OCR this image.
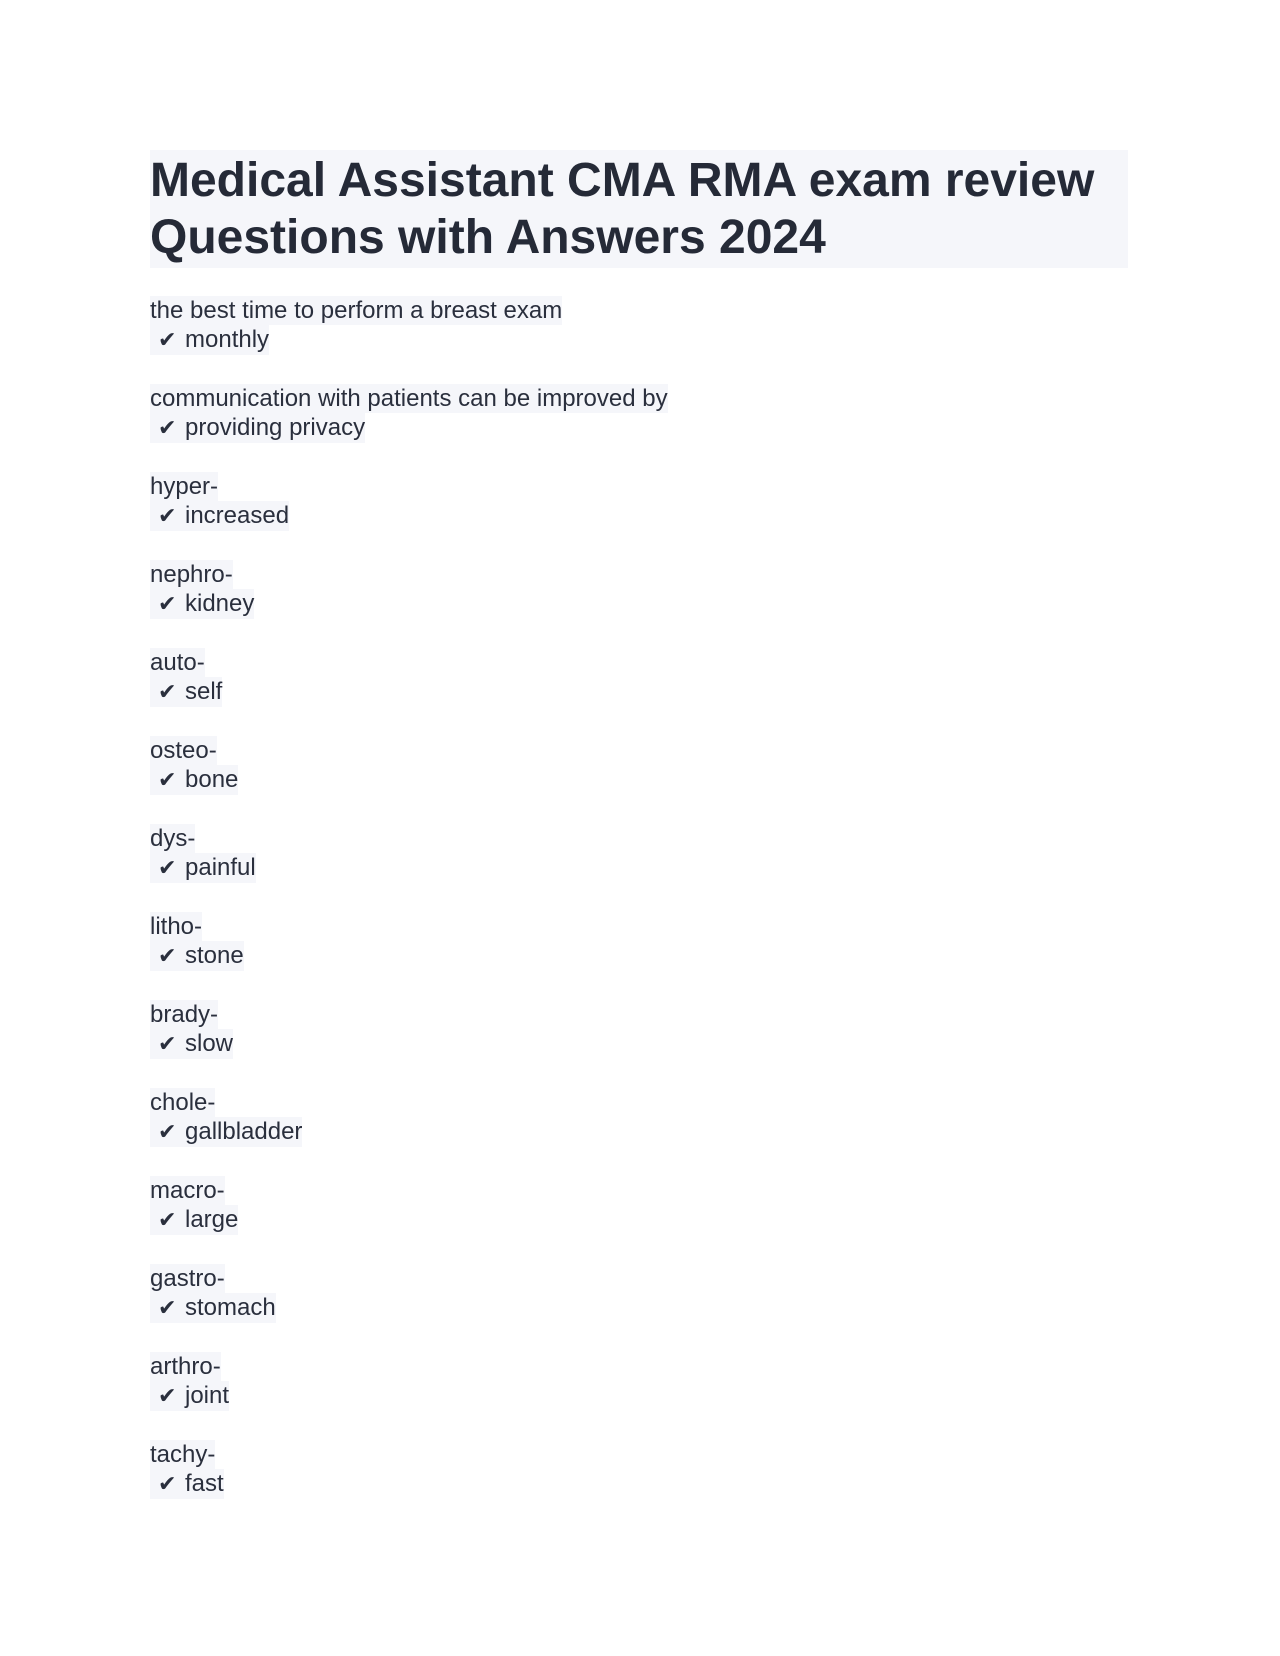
Medical Assistant CMA RMA exam review Questions with Answers 2024
the best time to perform a breast exam
✔ monthly
communication with patients can be improved by
✔ providing privacy
hyper-
✔ increased
nephro-
✔ kidney
auto-
✔ self
osteo-
✔ bone
dys-
✔ painful
litho-
✔ stone
brady-
✔ slow
chole-
✔ gallbladder
macro-
✔ large
gastro-
✔ stomach
arthro-
✔ joint
tachy-
✔ fast
